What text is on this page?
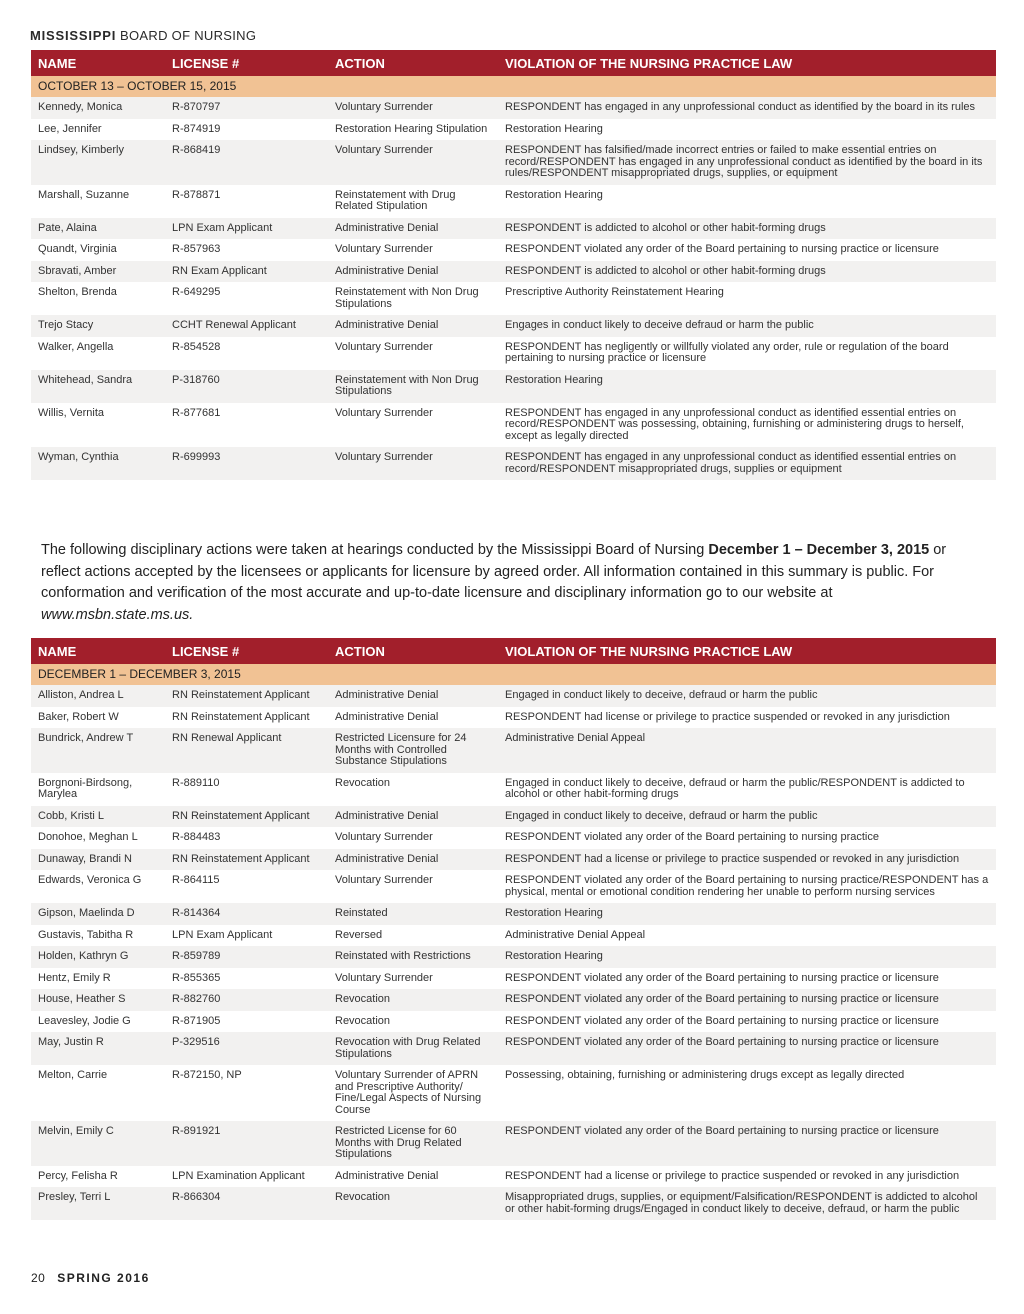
MISSISSIPPI BOARD OF NURSING
NAME	LICENSE #	ACTION	VIOLATION OF THE NURSING PRACTICE LAW
OCTOBER 13 – OCTOBER 15, 2015			
Kennedy, Monica	R-870797	Voluntary Surrender	RESPONDENT has engaged in any unprofessional conduct as identified by the board in its rules
Lee, Jennifer	R-874919	Restoration Hearing Stipulation	Restoration Hearing
Lindsey, Kimberly	R-868419	Voluntary Surrender	RESPONDENT has falsified/made incorrect entries or failed to make essential entries on record/RESPONDENT has engaged in any unprofessional conduct as identified by the board in its rules/RESPONDENT misappropriated drugs, supplies, or equipment
Marshall, Suzanne	R-878871	Reinstatement with Drug Related Stipulation	Restoration Hearing
Pate, Alaina	LPN Exam Applicant	Administrative Denial	RESPONDENT is addicted to alcohol or other habit-forming drugs
Quandt, Virginia	R-857963	Voluntary Surrender	RESPONDENT violated any order of the Board pertaining to nursing practice or licensure
Sbravati, Amber	RN Exam Applicant	Administrative Denial	RESPONDENT is addicted to alcohol or other habit-forming drugs
Shelton, Brenda	R-649295	Reinstatement with Non Drug Stipulations	Prescriptive Authority Reinstatement Hearing
Trejo Stacy	CCHT Renewal Applicant	Administrative Denial	Engages in conduct likely to deceive defraud or harm the public
Walker, Angella	R-854528	Voluntary Surrender	RESPONDENT has negligently or willfully violated any order, rule or regulation of the board pertaining to nursing practice or licensure
Whitehead, Sandra	P-318760	Reinstatement with Non Drug Stipulations	Restoration Hearing
Willis, Vernita	R-877681	Voluntary Surrender	RESPONDENT has engaged in any unprofessional conduct as identified essential entries on record/RESPONDENT was possessing, obtaining, furnishing or administering drugs to herself, except as legally directed
Wyman, Cynthia	R-699993	Voluntary Surrender	RESPONDENT has engaged in any unprofessional conduct as identified essential entries on record/RESPONDENT misappropriated drugs, supplies or equipment
The following disciplinary actions were taken at hearings conducted by the Mississippi Board of Nursing December 1 – December 3, 2015 or reflect actions accepted by the licensees or applicants for licensure by agreed order. All information contained in this summary is public. For conformation and verification of the most accurate and up-to-date licensure and disciplinary information go to our website at www.msbn.state.ms.us.
NAME	LICENSE #	ACTION	VIOLATION OF THE NURSING PRACTICE LAW
DECEMBER 1 – DECEMBER 3, 2015			
Alliston, Andrea L	RN Reinstatement Applicant	Administrative Denial	Engaged in conduct likely to deceive, defraud or harm the public
Baker, Robert W	RN Reinstatement Applicant	Administrative Denial	RESPONDENT had license or privilege to practice suspended or revoked in any jurisdiction
Bundrick, Andrew T	RN Renewal Applicant	Restricted Licensure for 24 Months with Controlled Substance Stipulations	Administrative Denial Appeal
Borgnoni-Birdsong, Marylea	R-889110	Revocation	Engaged in conduct likely to deceive, defraud or harm the public/RESPONDENT is addicted to alcohol or other habit-forming drugs
Cobb, Kristi L	RN Reinstatement Applicant	Administrative Denial	Engaged in conduct likely to deceive, defraud or harm the public
Donohoe, Meghan L	R-884483	Voluntary Surrender	RESPONDENT violated any order of the Board pertaining to nursing practice
Dunaway, Brandi N	RN Reinstatement Applicant	Administrative Denial	RESPONDENT had a license or privilege to practice suspended or revoked in any jurisdiction
Edwards, Veronica G	R-864115	Voluntary Surrender	RESPONDENT violated any order of the Board pertaining to nursing practice/RESPONDENT has a physical, mental or emotional condition rendering her unable to perform nursing services
Gipson, Maelinda D	R-814364	Reinstated	Restoration Hearing
Gustavis, Tabitha R	LPN Exam Applicant	Reversed	Administrative Denial Appeal
Holden, Kathryn G	R-859789	Reinstated with Restrictions	Restoration Hearing
Hentz, Emily R	R-855365	Voluntary Surrender	RESPONDENT violated any order of the Board pertaining to nursing practice or licensure
House, Heather S	R-882760	Revocation	RESPONDENT violated any order of the Board pertaining to nursing practice or licensure
Leavesley, Jodie G	R-871905	Revocation	RESPONDENT violated any order of the Board pertaining to nursing practice or licensure
May, Justin R	P-329516	Revocation with Drug Related Stipulations	RESPONDENT violated any order of the Board pertaining to nursing practice or licensure
Melton, Carrie	R-872150, NP	Voluntary Surrender of APRN and Prescriptive Authority/ Fine/Legal Aspects of Nursing Course	Possessing, obtaining, furnishing or administering drugs except as legally directed
Melvin, Emily C	R-891921	Restricted License for 60 Months with Drug Related Stipulations	RESPONDENT violated any order of the Board pertaining to nursing practice or licensure
Percy, Felisha R	LPN Examination Applicant	Administrative Denial	RESPONDENT had a license or privilege to practice suspended or revoked in any jurisdiction
Presley, Terri L	R-866304	Revocation	Misappropriated drugs, supplies, or equipment/Falsification/RESPONDENT is addicted to alcohol or other habit-forming drugs/Engaged in conduct likely to deceive, defraud, or harm the public
20 SPRING 2016
